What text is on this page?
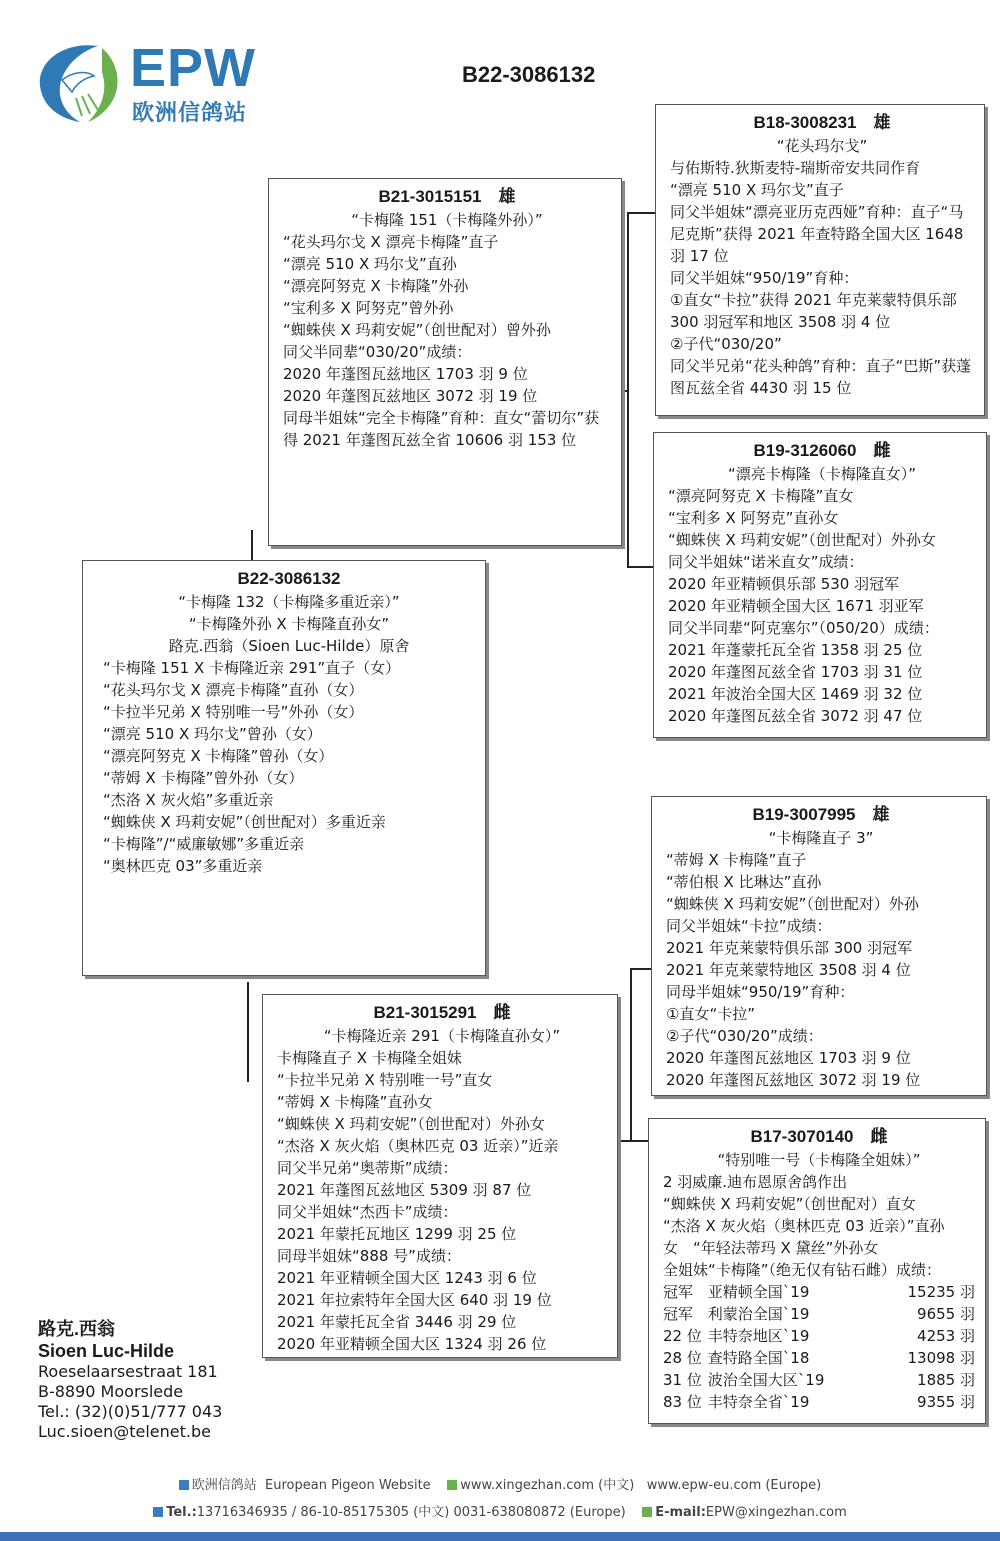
EPW
欧洲信鸽站
B22-3086132
B21-3015151　雄
“卡梅隆 151（卡梅隆外孙）”
“花头玛尔戈 X 漂亮卡梅隆”直子
“漂亮 510 X 玛尔戈”直孙
“漂亮阿努克 X 卡梅隆”外孙
“宝利多 X 阿努克”曾外孙
“蜘蛛侠 X 玛莉安妮”（创世配对）曾外孙
同父半同辈“030/20”成绩：
2020 年蓬图瓦兹地区 1703 羽 9 位
2020 年蓬图瓦兹地区 3072 羽 19 位
同母半姐妹“完全卡梅隆”育种：直女“蕾切尔”获得 2021 年蓬图瓦兹全省 10606 羽 153 位
B22-3086132
“卡梅隆 132（卡梅隆多重近亲）”
“卡梅隆外孙 X 卡梅隆直孙女”
路克.西翁（Sioen Luc-Hilde）原舍
“卡梅隆 151 X 卡梅隆近亲 291”直子（女）
“花头玛尔戈 X 漂亮卡梅隆”直孙（女）
“卡拉半兄弟 X 特别唯一号”外孙（女）
“漂亮 510 X 玛尔戈”曾孙（女）
“漂亮阿努克 X 卡梅隆”曾孙（女）
“蒂姆 X 卡梅隆”曾外孙（女）
“杰洛 X 灰火焰”多重近亲
“蜘蛛侠 X 玛莉安妮”（创世配对）多重近亲
“卡梅隆”/“威廉敏娜”多重近亲
“奥林匹克 03”多重近亲
B21-3015291　雌
“卡梅隆近亲 291（卡梅隆直孙女）”
卡梅隆直子 X 卡梅隆全姐妹
“卡拉半兄弟 X 特别唯一号”直女
“蒂姆 X 卡梅隆”直孙女
“蜘蛛侠 X 玛莉安妮”（创世配对）外孙女
“杰洛 X 灰火焰（奥林匹克 03 近亲）”近亲
同父半兄弟“奥蒂斯”成绩：
2021 年蓬图瓦兹地区 5309 羽 87 位
同父半姐妹“杰西卡”成绩：
2021 年蒙托瓦地区 1299 羽 25 位
同母半姐妹“888 号”成绩：
2021 年亚精顿全国大区 1243 羽 6 位
2021 年拉索特年全国大区 640 羽 19 位
2021 年蒙托瓦全省 3446 羽 29 位
2020 年亚精顿全国大区 1324 羽 26 位
B18-3008231　雄
“花头玛尔戈”
与佑斯特.狄斯麦特-瑞斯帝安共同作育
“漂亮 510 X 玛尔戈”直子
同父半姐妹“漂亮亚历克西娅”育种：直子“马尼克斯”获得 2021 年查特路全国大区 1648 羽 17 位
同父半姐妹“950/19”育种：
①直女“卡拉”获得 2021 年克莱蒙特俱乐部 300 羽冠军和地区 3508 羽 4 位
②子代“030/20”
同父半兄弟“花头种鸽”育种：直子“巴斯”获蓬图瓦兹全省 4430 羽 15 位
B19-3126060　雌
“漂亮卡梅隆（卡梅隆直女）”
“漂亮阿努克 X 卡梅隆”直女
“宝利多 X 阿努克”直孙女
“蜘蛛侠 X 玛莉安妮”（创世配对）外孙女
同父半姐妹“诺米直女”成绩：
2020 年亚精顿俱乐部 530 羽冠军
2020 年亚精顿全国大区 1671 羽亚军
同父半同辈“阿克塞尔”（050/20）成绩：
2021 年蓬蒙托瓦全省 1358 羽 25 位
2020 年蓬图瓦兹全省 1703 羽 31 位
2021 年波治全国大区 1469 羽 32 位
2020 年蓬图瓦兹全省 3072 羽 47 位
B19-3007995　雄
“卡梅隆直子 3”
“蒂姆 X 卡梅隆”直子
“蒂伯根 X 比琳达”直孙
“蜘蛛侠 X 玛莉安妮”（创世配对）外孙
同父半姐妹“卡拉”成绩：
2021 年克莱蒙特俱乐部 300 羽冠军
2021 年克莱蒙特地区 3508 羽 4 位
同母半姐妹“950/19”育种：
①直女“卡拉”
②子代“030/20”成绩：
2020 年蓬图瓦兹地区 1703 羽 9 位
2020 年蓬图瓦兹地区 3072 羽 19 位
B17-3070140　雌
“特别唯一号（卡梅隆全姐妹）”
2 羽威廉.迪布恩原舍鸽作出
“蜘蛛侠 X 玛莉安妮”（创世配对）直女
“杰洛 X 灰火焰（奥林匹克 03 近亲）”直孙女　“年轻法蒂玛 X 黛丝”外孙女
全姐妹“卡梅隆”（绝无仅有钻石雌）成绩：
冠军 亚精顿全国`19	15235 羽
冠军 利蒙治全国`19	9655 羽
22 位 丰特奈地区`19	4253 羽
28 位 查特路全国`18	13098 羽
31 位 波治全国大区`19	1885 羽
83 位 丰特奈全省`19	9355 羽
路克.西翁
Sioen Luc-Hilde
Roeselaarsestraat 181
B-8890 Moorslede
Tel.: (32)(0)51/777 043
Luc.sioen@telenet.be
欧洲信鸽站 European Pigeon Website www.xingezhan.com (中文) www.epw-eu.com (Europe)
Tel.:13716346935 / 86-10-85175305 (中文) 0031-638080872 (Europe) E-mail:EPW@xingezhan.com
